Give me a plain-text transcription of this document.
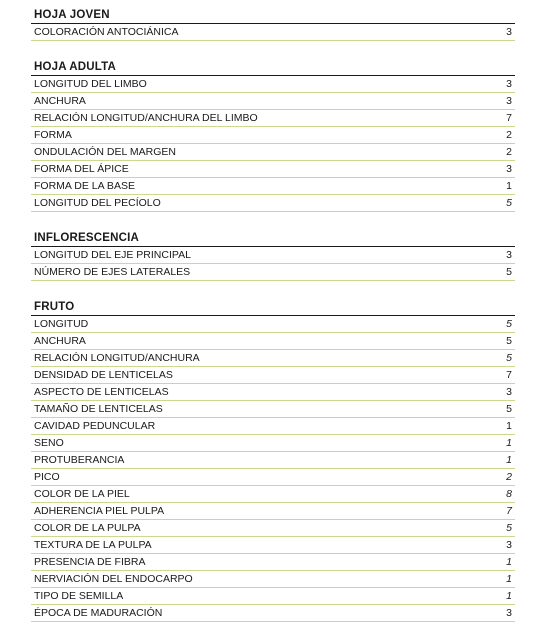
HOJA JOVEN
COLORACIÓN ANTOCIÁNICA	3
HOJA ADULTA
LONGITUD DEL LIMBO	3
ANCHURA	3
RELACIÓN LONGITUD/ANCHURA DEL LIMBO	7
FORMA	2
ONDULACIÓN DEL MARGEN	2
FORMA DEL ÁPICE	3
FORMA DE LA BASE	1
LONGITUD DEL PECÍOLO	5
INFLORESCENCIA
LONGITUD DEL EJE PRINCIPAL	3
NÚMERO DE EJES LATERALES	5
FRUTO
LONGITUD	5
ANCHURA	5
RELACIÓN LONGITUD/ANCHURA	5
DENSIDAD DE LENTICELAS	7
ASPECTO DE LENTICELAS	3
TAMAÑO DE LENTICELAS	5
CAVIDAD PEDUNCULAR	1
SENO	1
PROTUBERANCIA	1
PICO	2
COLOR DE LA PIEL	8
ADHERENCIA PIEL PULPA	7
COLOR DE LA PULPA	5
TEXTURA DE LA PULPA	3
PRESENCIA DE FIBRA	1
NERVIACIÓN DEL ENDOCARPO	1
TIPO DE SEMILLA	1
ÉPOCA DE MADURACIÓN	3
